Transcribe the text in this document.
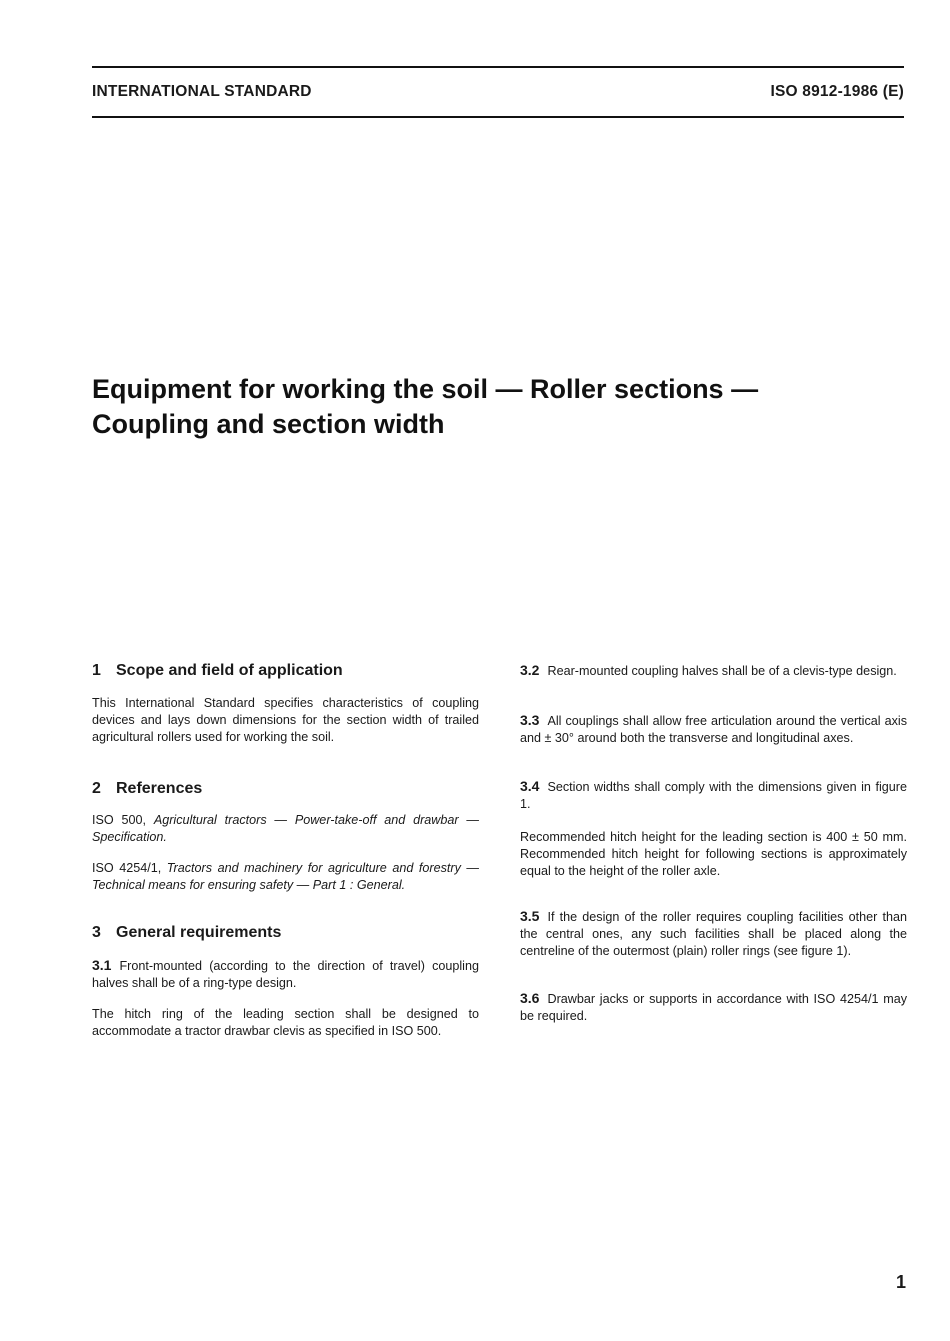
INTERNATIONAL STANDARD	ISO 8912-1986 (E)
Equipment for working the soil — Roller sections —
Coupling and section width
1 Scope and field of application

This International Standard specifies characteristics of coupling devices and lays down dimensions for the section width of trailed agricultural rollers used for working the soil.

2 References

ISO 500, Agricultural tractors — Power-take-off and drawbar — Specification.

ISO 4254/1, Tractors and machinery for agriculture and forestry — Technical means for ensuring safety — Part 1 : General.

3 General requirements

3.1 Front-mounted (according to the direction of travel) coupling halves shall be of a ring-type design.

The hitch ring of the leading section shall be designed to accommodate a tractor drawbar clevis as specified in ISO 500.

3.2 Rear-mounted coupling halves shall be of a clevis-type design.

3.3 All couplings shall allow free articulation around the vertical axis and ± 30° around both the transverse and longitudinal axes.

3.4 Section widths shall comply with the dimensions given in figure 1.

Recommended hitch height for the leading section is 400 ± 50 mm. Recommended hitch height for following sections is approximately equal to the height of the roller axle.

3.5 If the design of the roller requires coupling facilities other than the central ones, any such facilities shall be placed along the centreline of the outermost (plain) roller rings (see figure 1).

3.6 Drawbar jacks or supports in accordance with ISO 4254/1 may be required.

1
